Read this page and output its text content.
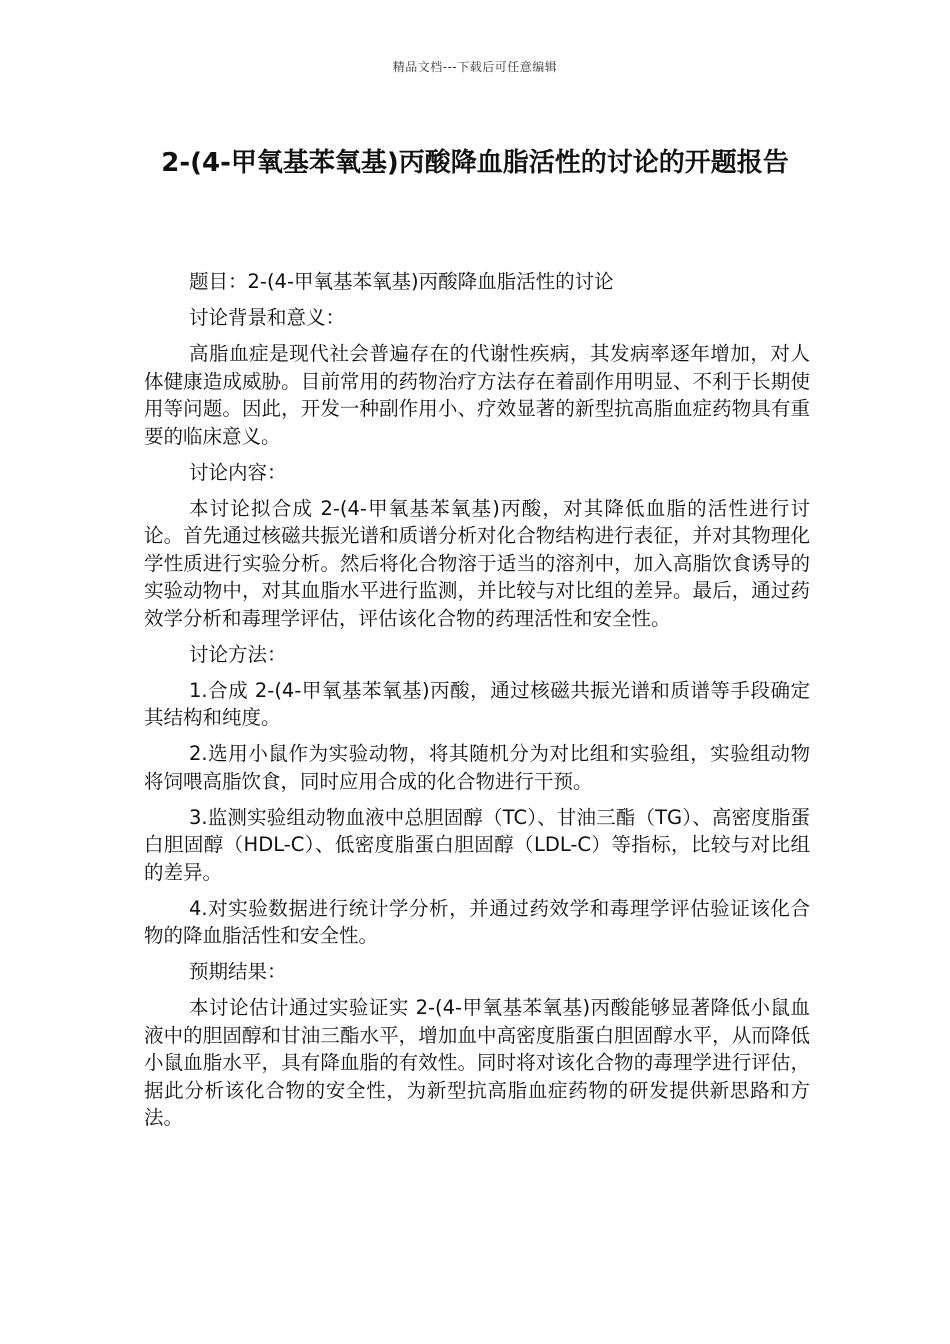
精品文档---下载后可任意编辑
2-(4-甲氧基苯氧基)丙酸降血脂活性的讨论的开题报告

题目：2-(4-甲氧基苯氧基)丙酸降血脂活性的讨论

讨论背景和意义：

高脂血症是现代社会普遍存在的代谢性疾病，其发病率逐年增加，对人体健康造成威胁。目前常用的药物治疗方法存在着副作用明显、不利于长期使用等问题。因此，开发一种副作用小、疗效显著的新型抗高脂血症药物具有重要的临床意义。

讨论内容：

本讨论拟合成 2-(4-甲氧基苯氧基)丙酸，对其降低血脂的活性进行讨论。首先通过核磁共振光谱和质谱分析对化合物结构进行表征，并对其物理化学性质进行实验分析。然后将化合物溶于适当的溶剂中，加入高脂饮食诱导的实验动物中，对其血脂水平进行监测，并比较与对比组的差异。最后，通过药效学分析和毒理学评估，评估该化合物的药理活性和安全性。

讨论方法：

1.合成 2-(4-甲氧基苯氧基)丙酸，通过核磁共振光谱和质谱等手段确定其结构和纯度。

2.选用小鼠作为实验动物，将其随机分为对比组和实验组，实验组动物将饲喂高脂饮食，同时应用合成的化合物进行干预。

3.监测实验组动物血液中总胆固醇（TC）、甘油三酯（TG）、高密度脂蛋白胆固醇（HDL-C）、低密度脂蛋白胆固醇（LDL-C）等指标，比较与对比组的差异。

4.对实验数据进行统计学分析，并通过药效学和毒理学评估验证该化合物的降血脂活性和安全性。

预期结果：

本讨论估计通过实验证实 2-(4-甲氧基苯氧基)丙酸能够显著降低小鼠血液中的胆固醇和甘油三酯水平，增加血中高密度脂蛋白胆固醇水平，从而降低小鼠血脂水平，具有降血脂的有效性。同时将对该化合物的毒理学进行评估，据此分析该化合物的安全性，为新型抗高脂血症药物的研发提供新思路和方法。
